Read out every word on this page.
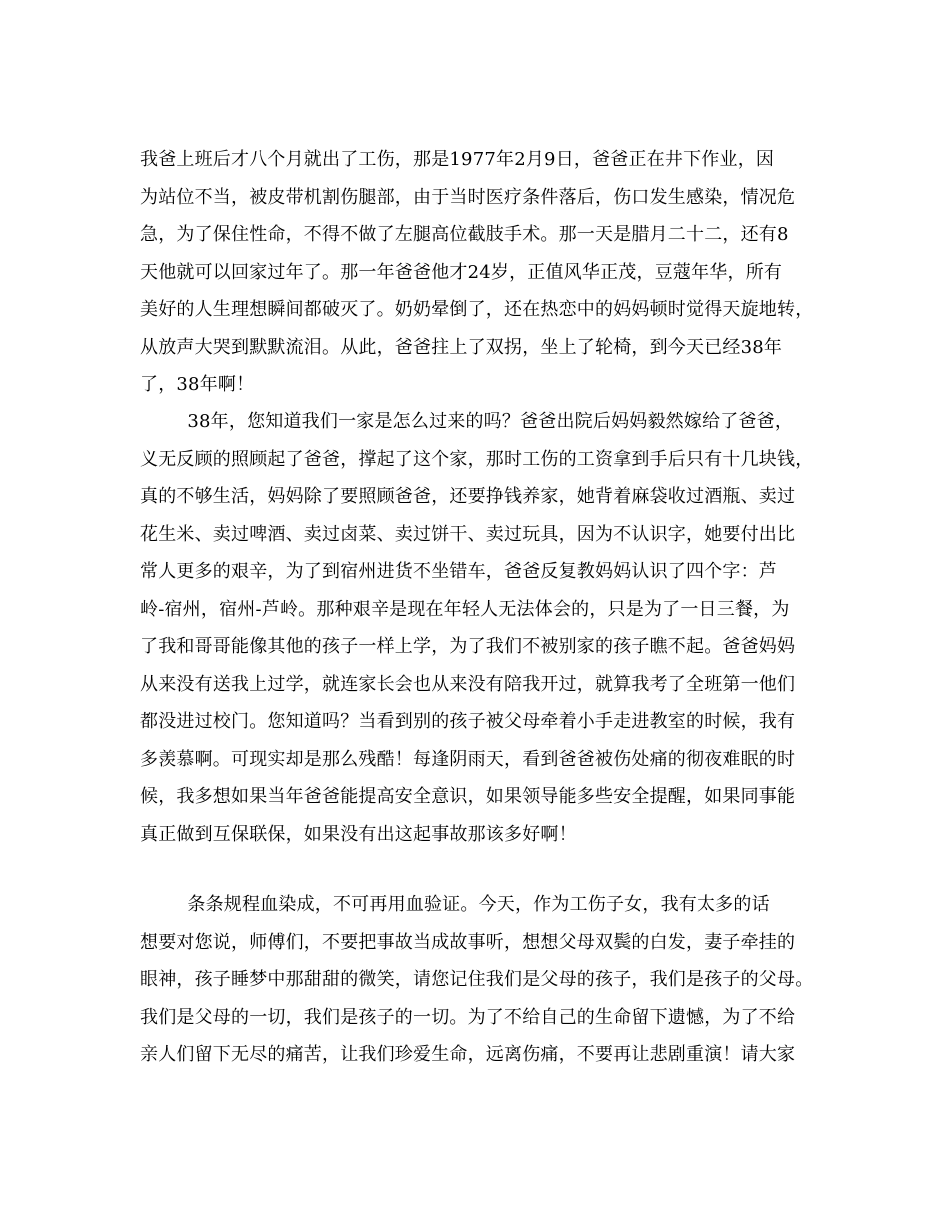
我爸上班后才八个月就出了工伤，那是1977年2月9日，爸爸正在井下作业，因
为站位不当，被皮带机割伤腿部，由于当时医疗条件落后，伤口发生感染，情况危
急，为了保住性命，不得不做了左腿高位截肢手术。那一天是腊月二十二，还有8
天他就可以回家过年了。那一年爸爸他才24岁，正值风华正茂，豆蔻年华，所有
美好的人生理想瞬间都破灭了。奶奶晕倒了，还在热恋中的妈妈顿时觉得天旋地转，
从放声大哭到默默流泪。从此，爸爸拄上了双拐，坐上了轮椅，到今天已经38年
了，38年啊！
38年，您知道我们一家是怎么过来的吗？爸爸出院后妈妈毅然嫁给了爸爸，
义无反顾的照顾起了爸爸，撑起了这个家，那时工伤的工资拿到手后只有十几块钱，
真的不够生活，妈妈除了要照顾爸爸，还要挣钱养家，她背着麻袋收过酒瓶、卖过
花生米、卖过啤酒、卖过卤菜、卖过饼干、卖过玩具，因为不认识字，她要付出比
常人更多的艰辛，为了到宿州进货不坐错车，爸爸反复教妈妈认识了四个字：芦
岭-宿州，宿州-芦岭。那种艰辛是现在年轻人无法体会的，只是为了一日三餐，为
了我和哥哥能像其他的孩子一样上学，为了我们不被别家的孩子瞧不起。爸爸妈妈
从来没有送我上过学，就连家长会也从来没有陪我开过，就算我考了全班第一他们
都没进过校门。您知道吗？当看到别的孩子被父母牵着小手走进教室的时候，我有
多羡慕啊。可现实却是那么残酷！每逢阴雨天，看到爸爸被伤处痛的彻夜难眠的时
候，我多想如果当年爸爸能提高安全意识，如果领导能多些安全提醒，如果同事能
真正做到互保联保，如果没有出这起事故那该多好啊！
条条规程血染成，不可再用血验证。今天，作为工伤子女，我有太多的话
想要对您说，师傅们，不要把事故当成故事听，想想父母双鬓的白发，妻子牵挂的
眼神，孩子睡梦中那甜甜的微笑，请您记住我们是父母的孩子，我们是孩子的父母。
我们是父母的一切，我们是孩子的一切。为了不给自己的生命留下遗憾，为了不给
亲人们留下无尽的痛苦，让我们珍爱生命，远离伤痛，不要再让悲剧重演！请大家
